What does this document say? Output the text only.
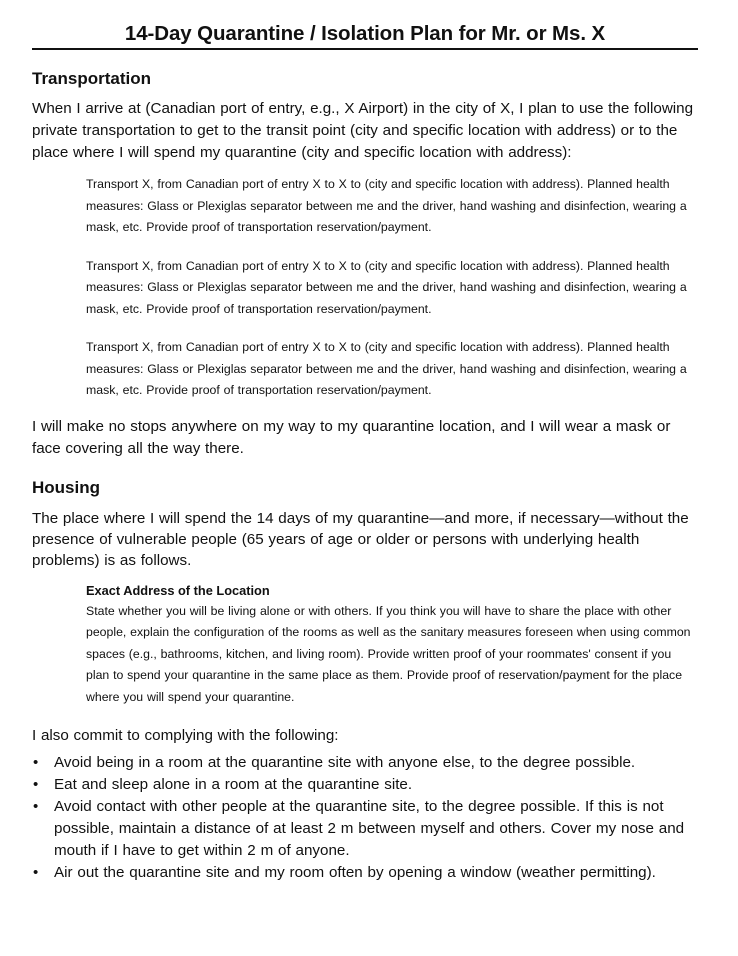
14-Day Quarantine / Isolation Plan for Mr. or Ms. X
Transportation

When I arrive at (Canadian port of entry, e.g., X Airport) in the city of X, I plan to use the following private transportation to get to the transit point (city and specific location with address) or to the place where I will spend my quarantine (city and specific location with address):

Transport X, from Canadian port of entry X to X to (city and specific location with address). Planned health measures: Glass or Plexiglas separator between me and the driver, hand washing and disinfection, wearing a mask, etc. Provide proof of transportation reservation/payment.

Transport X, from Canadian port of entry X to X to (city and specific location with address). Planned health measures: Glass or Plexiglas separator between me and the driver, hand washing and disinfection, wearing a mask, etc. Provide proof of transportation reservation/payment.

Transport X, from Canadian port of entry X to X to (city and specific location with address). Planned health measures: Glass or Plexiglas separator between me and the driver, hand washing and disinfection, wearing a mask, etc. Provide proof of transportation reservation/payment.

I will make no stops anywhere on my way to my quarantine location, and I will wear a mask or face covering all the way there.

Housing

The place where I will spend the 14 days of my quarantine—and more, if necessary—without the presence of vulnerable people (65 years of age or older or persons with underlying health problems) is as follows.

Exact Address of the Location

State whether you will be living alone or with others. If you think you will have to share the place with other people, explain the configuration of the rooms as well as the sanitary measures foreseen when using common spaces (e.g., bathrooms, kitchen, and living room). Provide written proof of your roommates' consent if you plan to spend your quarantine in the same place as them. Provide proof of reservation/payment for the place where you will spend your quarantine.

I also commit to complying with the following:

• Avoid being in a room at the quarantine site with anyone else, to the degree possible.
• Eat and sleep alone in a room at the quarantine site.
• Avoid contact with other people at the quarantine site, to the degree possible. If this is not possible, maintain a distance of at least 2 m between myself and others. Cover my nose and mouth if I have to get within 2 m of anyone.
• Air out the quarantine site and my room often by opening a window (weather permitting).
